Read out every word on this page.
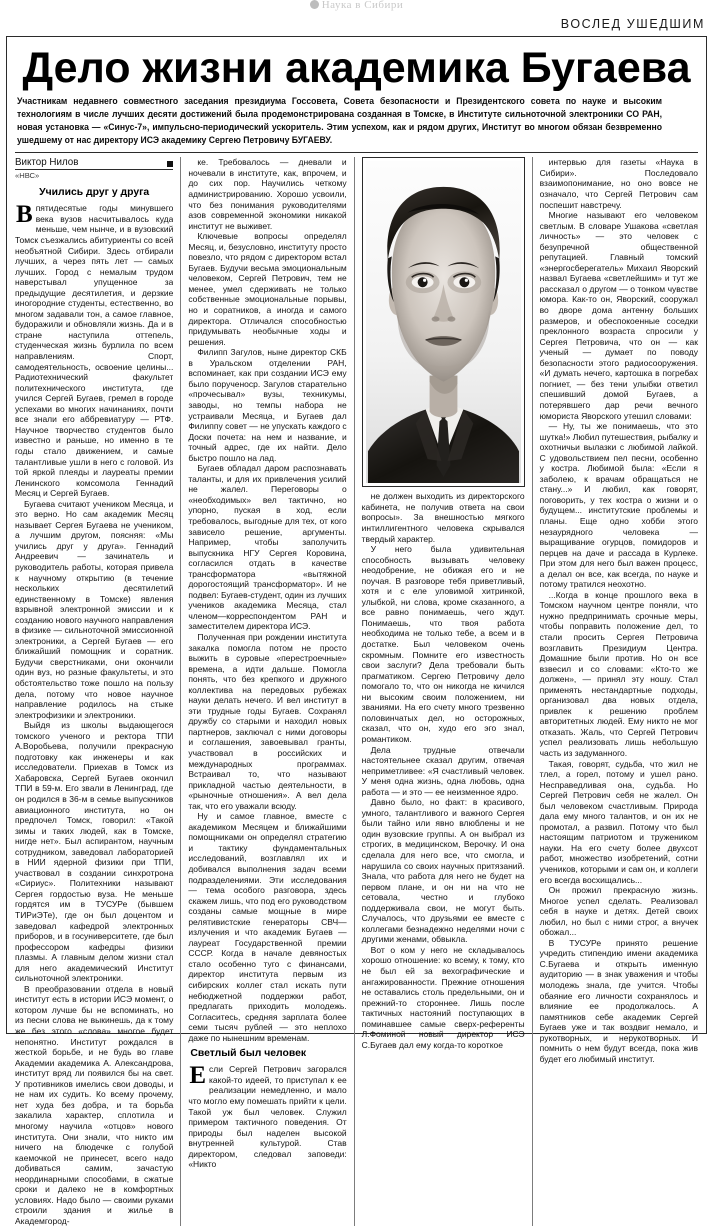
Наука в Сибири
ВОСЛЕД УШЕДШИМ
Дело жизни академика Бугаева
Участникам недавнего совместного заседания президиума Госсовета, Совета безопасности и Президентского совета по науке и высоким технологиям в числе лучших десяти достижений была продемонстрирована созданная в Томске, в Институте сильноточной электроники СО РАН, новая установка — «Синус-7», импульсно-периодический ускоритель. Этим успехом, как и рядом других, Институт во многом обязан безвременно ушедшему от нас директору ИСЭ академику Сергею Петровичу БУГАЕВУ.
Виктор Нилов
«НВС»
Учились друг у друга

Впятидесятые годы минувшего века вузов насчитывалось куда меньше, чем нынче, и в вузовский Томск съезжались абитуриенты со всей необъятной Сибири. Здесь отбирали лучших, а через пять лет — самых лучших. Город с немалым трудом наверстывал упущенное за предыдущие десятилетия, и дерзкие иногородние студенты, естественно, во многом задавали тон, а самое главное, будоражили и обновляли жизнь. Да и в стране наступила оттепель, студенческая жизнь бурлила по всем направлениям. Спорт, самодеятельность, освоение целины... Радиотехнический факультет политехнического института, где учился Сергей Бугаев, гремел в городе успехами во многих начинаниях, почти все знали его аббревиатуру — РТФ. Научное творчество студентов было известно и раньше, но именно в те годы стало движением, и самые талантливые ушли в него с головой. Из той яркой плеяды и лауреаты премии Ленинского комсомола Геннадий Месяц и Сергей Бугаев.

Бугаева считают учеником Месяца, и это верно. Но сам академик Месяц называет Сергея Бугаева не учеником, а лучшим другом, поясняя: «Мы учились друг у друга». Геннадий Андреевич — зачинатель и руководитель работы, которая привела к научному открытию (в течение нескольких десятилетий единственному в Томске) явления взрывной электронной эмиссии и к созданию нового научного направления в физике — сильноточной эмиссионной электроники, а Сергей Бугаев — его ближайший помощник и соратник. Будучи сверстниками, они окончили один вуз, но разные факультеты, и это обстоятельство тоже пошло на пользу дела, потому что новое научное направление родилось на стыке электрофизики и электроники.

Выйдя из школы выдающегося томского ученого и ректора ТПИ А.Воробьева, получили прекрасную подготовку как инженеры и как исследователи. Приехав в Томск из Хабаровска, Сергей Бугаев окончил ТПИ в 59-м. Его звали в Ленинград, где он родился в 36-м в семье выпускников авиационного института, но он предпочел Томск, говорил: «Такой зимы и таких людей, как в Томске, нигде нет». Был аспирантом, научным сотрудником, заведовал лабораторией в НИИ ядерной физики при ТПИ, участвовал в создании синхротрона «Сириус». Политехники называют Сергея гордостью вуза. Не меньше гордятся им в ТУСУРе (бывшем ТИРиЭТе), где он был доцентом и заведовал кафедрой электронных приборов, и в госуниверситете, где был профессором кафедры физики плазмы. А главным делом жизни стал для него академический Институт сильноточной электроники.

В преобразовании отдела в новый институт есть в истории ИСЭ момент, о котором лучше бы не вспоминать, но из песни слова не выкинешь, да к тому же без этого «слова» многое будет непонятно. Институт рождался в жесткой борьбе, и не будь во главе Академии академика А. Александрова, институт вряд ли появился бы на свет. У противников имелись свои доводы, и не нам их судить. Ко всему прочему, нет худа без добра, и та борьба закалила характер, сплотила и многому научила «отцов» нового института. Они знали, что никто им ничего на блюдечке с голубой каемочкой не принесет, всего надо добиваться самим, зачастую неординарными способами, в сжатые сроки и далеко не в комфортных условиях. Надо было — своими руками строили здания и жилье в Академгород-

ке. Требовалось — дневали и ночевали в институте, как, впрочем, и до сих пор. Научились четкому администрированию. Хорошо усвоили, что без понимания руководителями азов современной экономики никакой институт не выживет.

Ключевые вопросы определял Месяц, и, безусловно, институту просто повезло, что рядом с директором встал Бугаев. Будучи весьма эмоциональным человеком, Сергей Петрович, тем не менее, умел сдерживать не только собственные эмоциональные порывы, но и соратников, а иногда и самого директора. Отличался способностью придумывать необычные ходы и решения.

Филипп Загулов, ныне директор СКБ в Уральском отделении РАН, вспоминает, как при создании ИСЭ ему было порученоср. Загулов старательно «прочесывал» вузы, техникумы, заводы, но темпы набора не устраивали Месяца, и Бугаев дал Филиппу совет — не упускать каждого с Доски почета: на нем и название, и точный адрес, где их найти. Дело быстро пошло на лад.

Бугаев обладал даром распознавать таланты, и для их привлечения усилий не жалел. Переговоры о «необходимых» вел тактично, но упорно, пуская в ход, если требовалось, выгодные для тех, от кого зависело решение, аргументы. Например, чтобы заполучить выпускника НГУ Сергея Коровина, согласился отдать в качестве трансформатора «вытяжной дорогостоящий трансформатор». И не подвел: Бугаев-студент, один из лучших учеников академика Месяца, стал членом—корреспондентом РАН и заместителем директора ИСЭ.

Полученная при рождении института закалка помогла потом не просто выжить в суровые «перестроечные» времена, а идти дальше. Помогла понять, что без крепкого и дружного коллектива на передовых рубежах науки делать нечего. И вел институт в эти трудные годы Бугаев. Сохранял дружбу со старыми и находил новых партнеров, заключал с ними договоры и соглашения, завоевывал гранты, участвовал в российских и международных программах. Встраивал то, что называют прикладной частью деятельности, в «рыночные отношения». А вел дела так, что его уважали всюду.

Ну и самое главное, вместе с академиком Месяцем и ближайшими помощниками он определял стратегию и тактику фундаментальных исследований, возглавлял их и добивался выполнения задач всеми подразделениями. Эти исследования — тема особого разговора, здесь скажем лишь, что под его руководством созданы самые мощные в мире релятивистские генераторы СВЧ—излучения и что академик Бугаев — лауреат Государственной премии СССР. Когда в начале девяностых стало особенно туго с финансами, директор института первым из сибирских коллег стал искать пути небюджетной поддержки работ, предлагать приходить молодежь. Согласитесь, средняя зарплата более семи тысяч рублей — это неплохо даже по нынешним временам.

Светлый был человек

Если Сергей Петрович загорался какой-то идеей, то приступал к ее реализации немедленно, и мало что могло ему помешать прийти к цели. Такой уж был человек. Служил примером тактичного поведения. От природы был наделен высокой внутренней культурой. Став директором, следовал заповеди: «Никто

не должен выходить из директорского кабинета, не получив ответа на свои вопросы». За внешностью мягкого интиллигентного человека скрывался твердый характер.

У него была удивительная способность вызывать человеку неодобрение, не обижая его и не поучая. В разговоре тебя приветливый, хотя и с еле уловимой хитринкой, улыбкой, ни слова, кроме сказанного, а все равно понимаешь, чего ждут. Понимаешь, что твоя работа необходима не только тебе, а всем и в достатке. Был человеком очень скромным. Помните его известность свои заслуги? Дела требовали быть прагматиком. Сергею Петровичу дело помогало то, что он никогда не кичился ни высоким своим положением, ни званиями. На его счету много трезвенно половинчатых дел, но осторожных, сказал, что он, худо его эго знал, романтиком.

Дела трудные отвечали настоятельнее сказал другим, отвечая неприметливее: «Я счастливый человек. У меня одна жизнь, одна любовь, одна работа — и это — ее неизменное ядро.

Давно было, но факт: в красивого, умного, талантливого и важного Сергея были тайно или явно влюблены и не один вузовские группы. А он выбрал из строгих, в медицинском, Верочку. И она сделала для него все, что смогла, и нарушила со своих научных притязаний. Знала, что работа для него не будет на первом плане, и он ни на что не сетовала, честно и глубоко поддерживала свои, не могут быть. Случалось, что друзьями ее вместе с коллегами безнадежно неделями ночи с другими женами, обвыкла.

Вот о ком у него не складывалось хорошо отношение: ко всему, к тому, кто не был ей за вехографические и ангажированности. Прежние отношения не оставались столь предельными, он и прежний-то стороннее. Лишь после тактичных настояний поступающих в поминавшее самые сверх-референты Л.Фоминой новый директор ИСЭ С.Бугаев дал ему когда-то короткое

интервью для газеты «Наука в Сибири». Последовало взаимопонимание, но оно вовсе не означало, что Сергей Петрович сам поспешит навстречу.

Многие называют его человеком светлым. В словаре Ушакова «светлая личность» — это человек с безупречной общественной репутацией. Главный томский «энергосберегатель» Михаил Яворский назвал Бугаева «светлейшим» и тут же рассказал о другом — о тонком чувстве юмора. Как-то он, Яворский, сооружал во дворе дома антенну больших размеров, и обеспокоенные соседки преклонного возраста спросили у Сергея Петровича, что он — как ученый — думает по поводу безопасности этого радиосооружения. «И думать нечего, картошка в погребах погниет, — без тени улыбки ответил спешивший домой Бугаев, а потерявшего дар речи вечного юмориста Яворского утешил словами:

— Ну, ты же понимаешь, что это шутка!» Любил путешествия, рыбалку и охотничьи вылазки с любимой лайкой. С удовольствием пел песни, особенно у костра. Любимой была: «Если я заболею, к врачам обращаться не стану...» И любил, как говорят, поговорить, у тех костра о жизни и о будущем... институтские проблемы и планы. Еще одно хобби этого незаурядного человека — выращивание огурцов, помидоров и перцев на даче и рассада в Курлеке. При этом для него был важен процесс, а делал он все, как всегда, по науке и потому тратился неохотно.

...Когда в конце прошлого века в Томском научном центре поняли, что нужно предпринимать срочные меры, чтобы поправить положение дел, то стали просить Сергея Петровича возглавить Президиум Центра. Домашние были против. Но он все взвесил и со словами: «Кто-то же должен», — принял эту ношу. Стал применять нестандартные подходы, организовал два новых отдела, привлек к решению проблем авторитетных людей. Ему никто не мог отказать. Жаль, что Сергей Петрович успел реализовать лишь небольшую часть из задуманного.

Такая, говорят, судьба, что жил не тлел, а горел, потому и ушел рано. Несправедливая она, судьба. Но Сергей Петрович себя не жалел. Он был человеком счастливым. Природа дала ему много талантов, и он их не промотал, а развил. Потому что был настоящим патриотом и тружеником науки. На его счету более двухсот работ, множество изобретений, сотни учеников, которыми и сам он, и коллеги его всегда восхищались...

Он прожил прекрасную жизнь. Многое успел сделать. Реализовал себя в науке и детях. Детей своих любил, но был с ними строг, а внучек обожал...

В ТУСУРе принято решение учредить стипендию имени академика С.Бугаева и открыть именную аудиторию — в знак уважения и чтобы молодежь знала, где учится. Чтобы обаяние его личности сохранялось и влияние ее продолжалось. А памятников себе академик Сергей Бугаев уже и так воздвиг немало, и рукотворных, и нерукотворных. И помнить о нем будут всегда, пока жив будет его любимый институт.
